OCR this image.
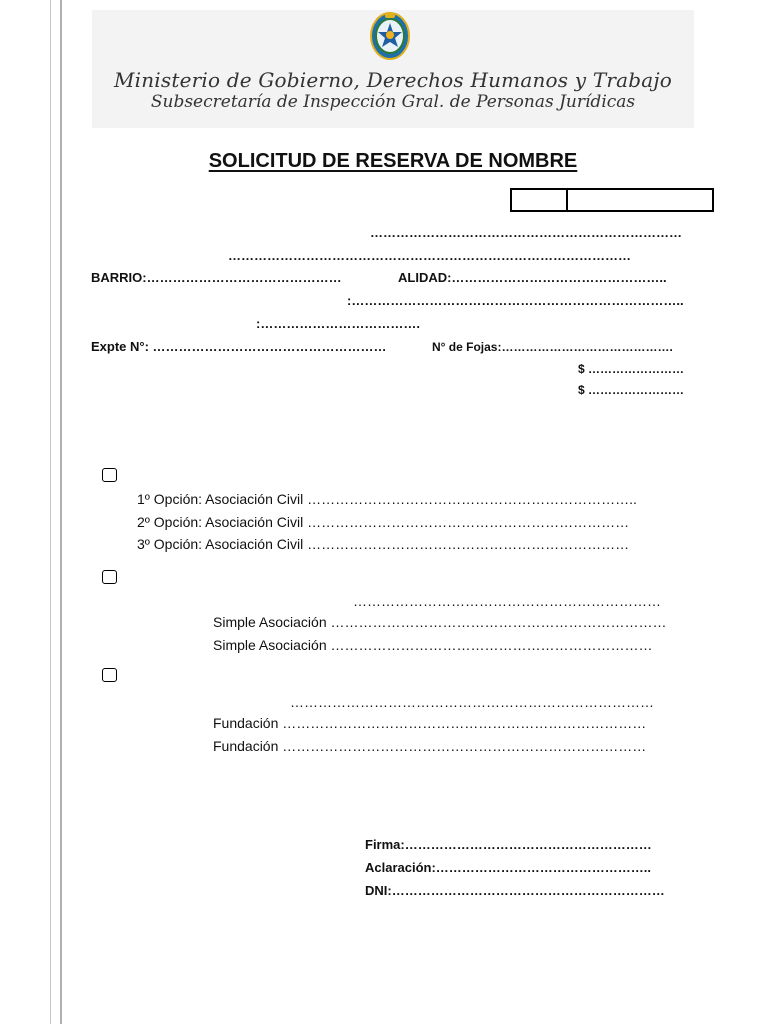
Ministerio de Gobierno, Derechos Humanos y Trabajo
Subsecretaría de Inspección Gral. de Personas Jurídicas
SOLICITUD DE RESERVA DE NOMBRE
………………………………………………………………
…………………………………………………………………………………
BARRIO:………………………………………	ALIDAD:…………………………………………..
:…………………………………………………………………..
:……………………………….
Expte N°: ………………………………………………	N° de Fojas:…………………………………….
$ ……………………
$ ……………………
1º Opción: Asociación Civil ……………………………………………………………..
2º Opción: Asociación Civil ……………………………………………………………
3º Opción: Asociación Civil ……………………………………………………………
…………………………………………………………
Simple Asociación ………………………………………………………………
Simple Asociación ……………………………………………………………
……………………………………………………………………
Fundación ……………………………………………………………………
Fundación ……………………………………………………………………
Firma:…………………………………………………
Aclaración:…………………………………………..
DNI:………………………………………………………
